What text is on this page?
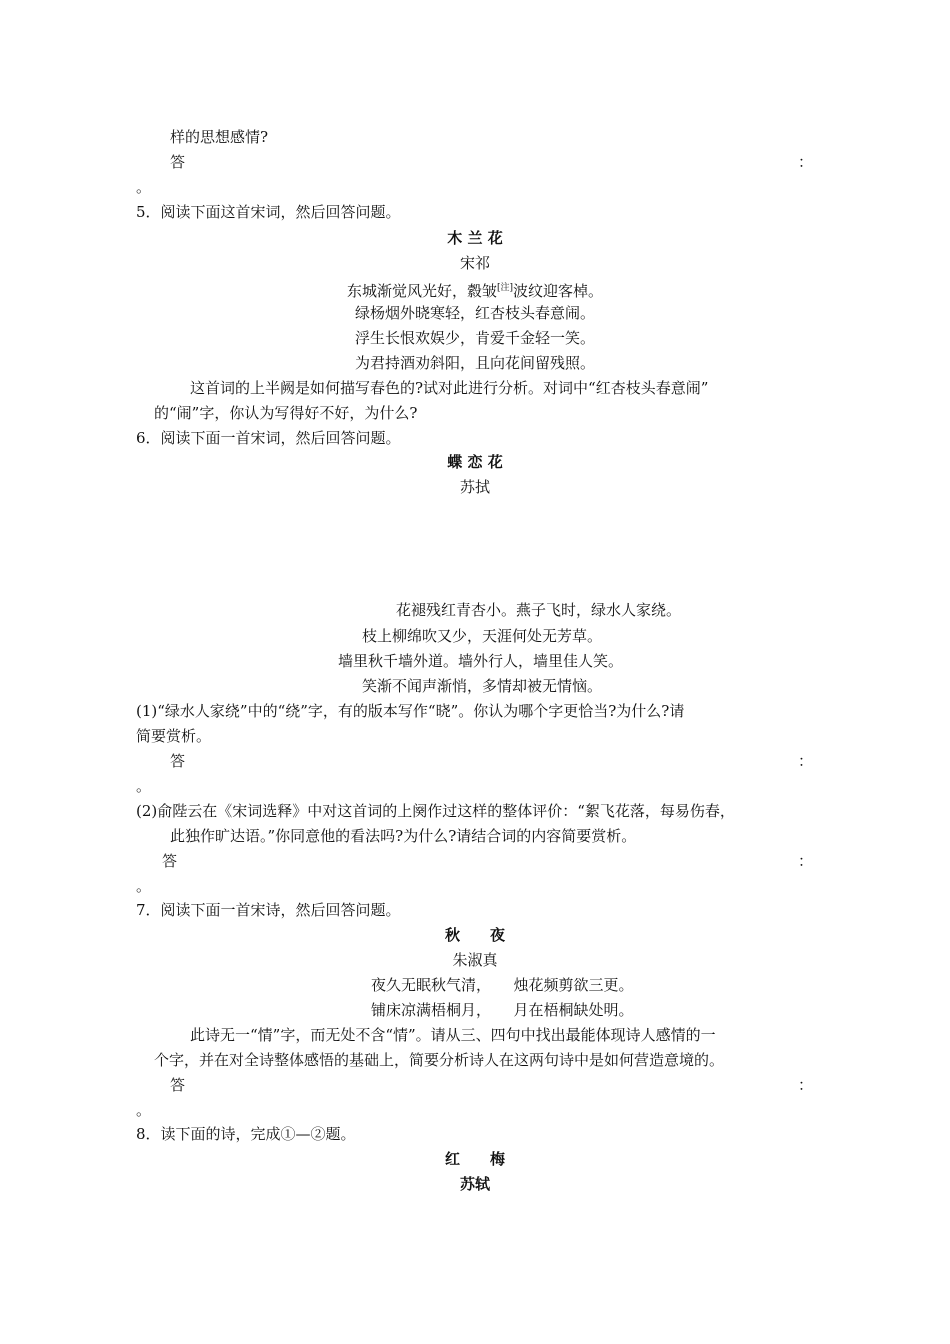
样的思想感情?
答	：
。
5．阅读下面这首宋词，然后回答问题。
木 兰 花
宋祁
东城渐觉风光好，縠皱[注]波纹迎客棹。
绿杨烟外晓寒轻，红杏枝头春意闹。
浮生长恨欢娱少，肯爱千金轻一笑。
为君持酒劝斜阳，且向花间留残照。
这首词的上半阙是如何描写春色的?试对此进行分析。对词中“红杏枝头春意闹”
的“闹”字，你认为写得好不好，为什么?
6．阅读下面一首宋词，然后回答问题。
蝶 恋 花
苏拭
花褪残红青杏小。燕子飞时，绿水人家绕。
枝上柳绵吹又少，天涯何处无芳草。
墙里秋千墙外道。墙外行人，墙里佳人笑。
笑渐不闻声渐悄，多情却被无情恼。
(1)“绿水人家绕”中的“绕”字，有的版本写作“晓”。你认为哪个字更恰当?为什么?请
简要赏析。
答	：
。
(2)俞陛云在《宋词选释》中对这首词的上阕作过这样的整体评价：“絮飞花落，每易伤春，
此独作旷达语。”你同意他的看法吗?为什么?请结合词的内容简要赏析。
答	：
。
7．阅读下面一首宋诗，然后回答问题。
秋　　夜
朱淑真
夜久无眠秋气清，　　烛花频剪欲三更。
铺床凉满梧桐月，　　月在梧桐缺处明。
此诗无一“情”字，而无处不含“情”。请从三、四句中找出最能体现诗人感情的一
个字，并在对全诗整体感悟的基础上，简要分析诗人在这两句诗中是如何营造意境的。
答	：
。
8．读下面的诗，完成①—②题。
红　　梅
苏轼
